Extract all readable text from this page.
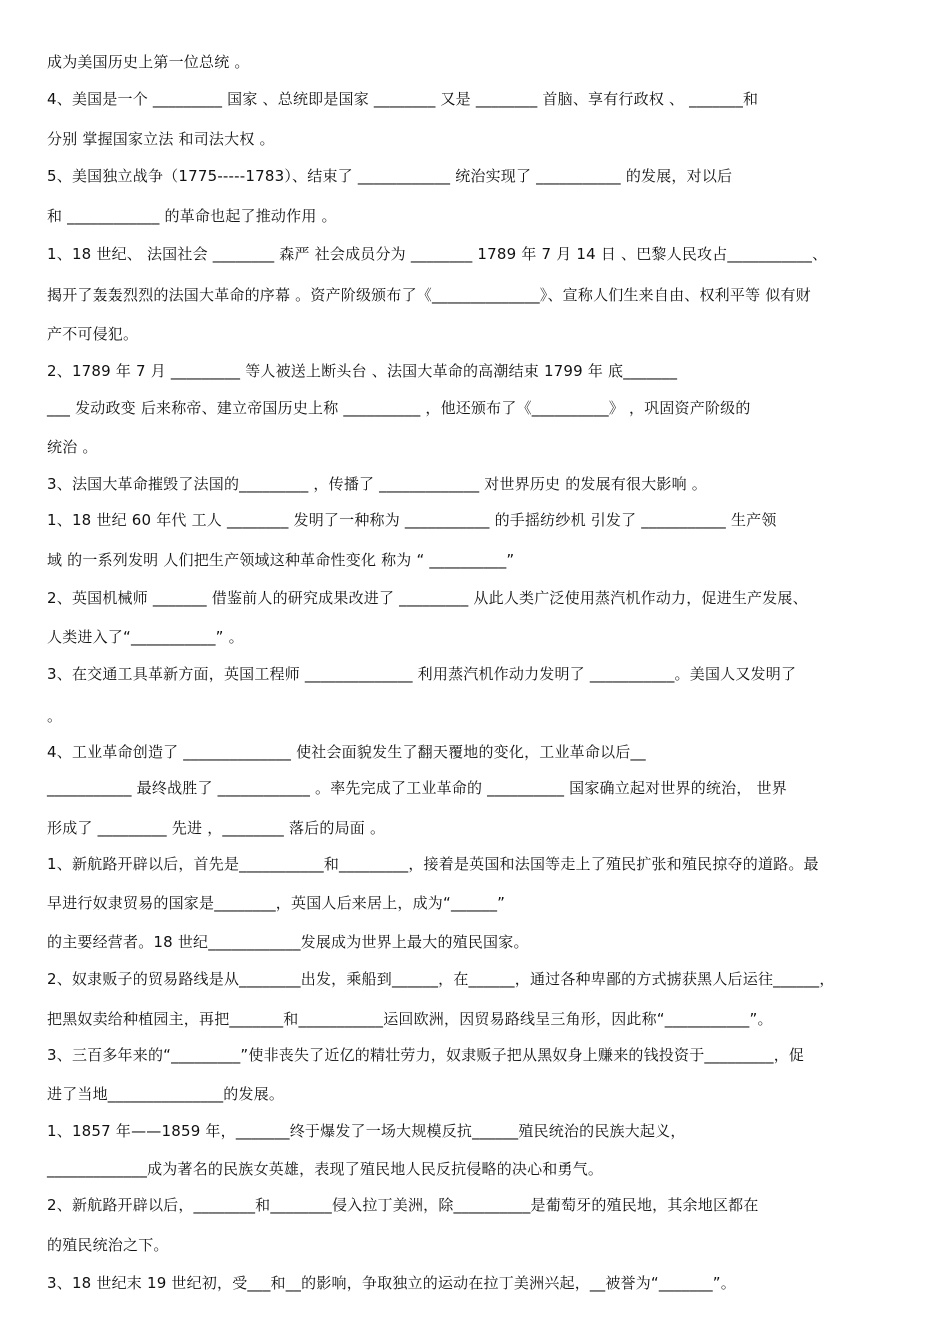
成为美国历史上第一位总统 。
4、美国是一个 _________ 国家 、总统即是国家 ________ 又是 ________ 首脑、享有行政权 、 _______和
分别 掌握国家立法 和司法大权 。
5、美国独立战争（1775-----1783）、结束了 ____________ 统治实现了 ___________ 的发展，对以后
和 ____________ 的革命也起了推动作用 。
1、18 世纪、 法国社会 ________ 森严 社会成员分为 ________ 1789 年 7 月 14 日 、巴黎人民攻占___________、
揭开了轰轰烈烈的法国大革命的序幕 。资产阶级颁布了《______________》、宣称人们生来自由、权利平等 似有财
产不可侵犯。
2、1789 年 7 月 _________ 等人被送上断头台 、法国大革命的高潮结束 1799 年 底_______
___ 发动政变 后来称帝、建立帝国历史上称 __________ ，他还颁布了《__________》 ，巩固资产阶级的
统治 。
3、法国大革命摧毁了法国的_________ ，传播了 _____________ 对世界历史 的发展有很大影响 。
1、18 世纪 60 年代 工人 ________ 发明了一种称为 ___________ 的手摇纺纱机 引发了 ___________ 生产领
域 的一系列发明 人们把生产领域这种革命性变化 称为 “ __________”
2、英国机械师 _______ 借鉴前人的研究成果改进了 _________ 从此人类广泛使用蒸汽机作动力，促进生产发展、
人类进入了“___________” 。
3、在交通工具革新方面，英国工程师 ______________ 利用蒸汽机作动力发明了 ___________。美国人又发明了
。
4、工业革命创造了 ______________ 使社会面貌发生了翻天覆地的变化，工业革命以后__
___________ 最终战胜了 ____________ 。率先完成了工业革命的 __________ 国家确立起对世界的统治， 世界
形成了 _________ 先进 ，________ 落后的局面 。
1、新航路开辟以后，首先是___________和_________，接着是英国和法国等走上了殖民扩张和殖民掠夺的道路。最
早进行奴隶贸易的国家是________，英国人后来居上，成为“______”
的主要经营者。18 世纪____________发展成为世界上最大的殖民国家。
2、奴隶贩子的贸易路线是从________出发，乘船到______，在______，通过各种卑鄙的方式掳获黑人后运往______，
把黑奴卖给种植园主，再把_______和___________运回欧洲，因贸易路线呈三角形，因此称“___________”。
3、三百多年来的“_________”使非丧失了近亿的精壮劳力，奴隶贩子把从黑奴身上赚来的钱投资于_________，促
进了当地_______________的发展。
1、1857 年——1859 年，_______终于爆发了一场大规模反抗______殖民统治的民族大起义，
_____________成为著名的民族女英雄，表现了殖民地人民反抗侵略的决心和勇气。
2、新航路开辟以后，________和________侵入拉丁美洲，除__________是葡萄牙的殖民地，其余地区都在
的殖民统治之下。
3、18 世纪末 19 世纪初，受___和__的影响，争取独立的运动在拉丁美洲兴起，__被誉为“_______”。
